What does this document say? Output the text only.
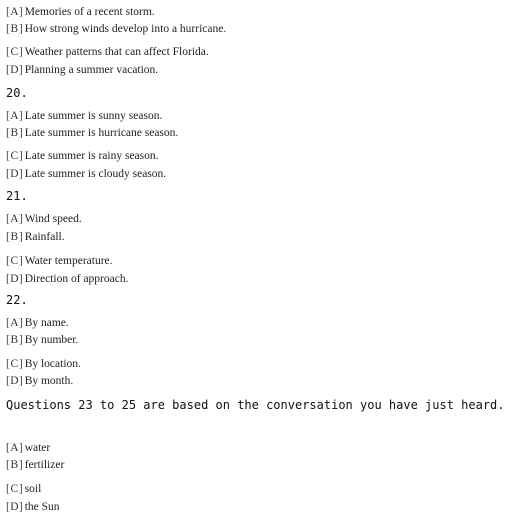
[A] Memories of a recent storm.
[B] How strong winds develop into a hurricane.
[C] Weather patterns that can affect Florida.
[D] Planning a summer vacation.
20.
[A] Late summer is sunny season.
[B] Late summer is hurricane season.
[C] Late summer is rainy season.
[D] Late summer is cloudy season.
21.
[A] Wind speed.
[B] Rainfall.
[C] Water temperature.
[D] Direction of approach.
22.
[A] By name.
[B] By number.
[C] By location.
[D] By month.
Questions 23 to 25 are based on the conversation you have just heard.
[A] water
[B] fertilizer
[C] soil
[D] the Sun
